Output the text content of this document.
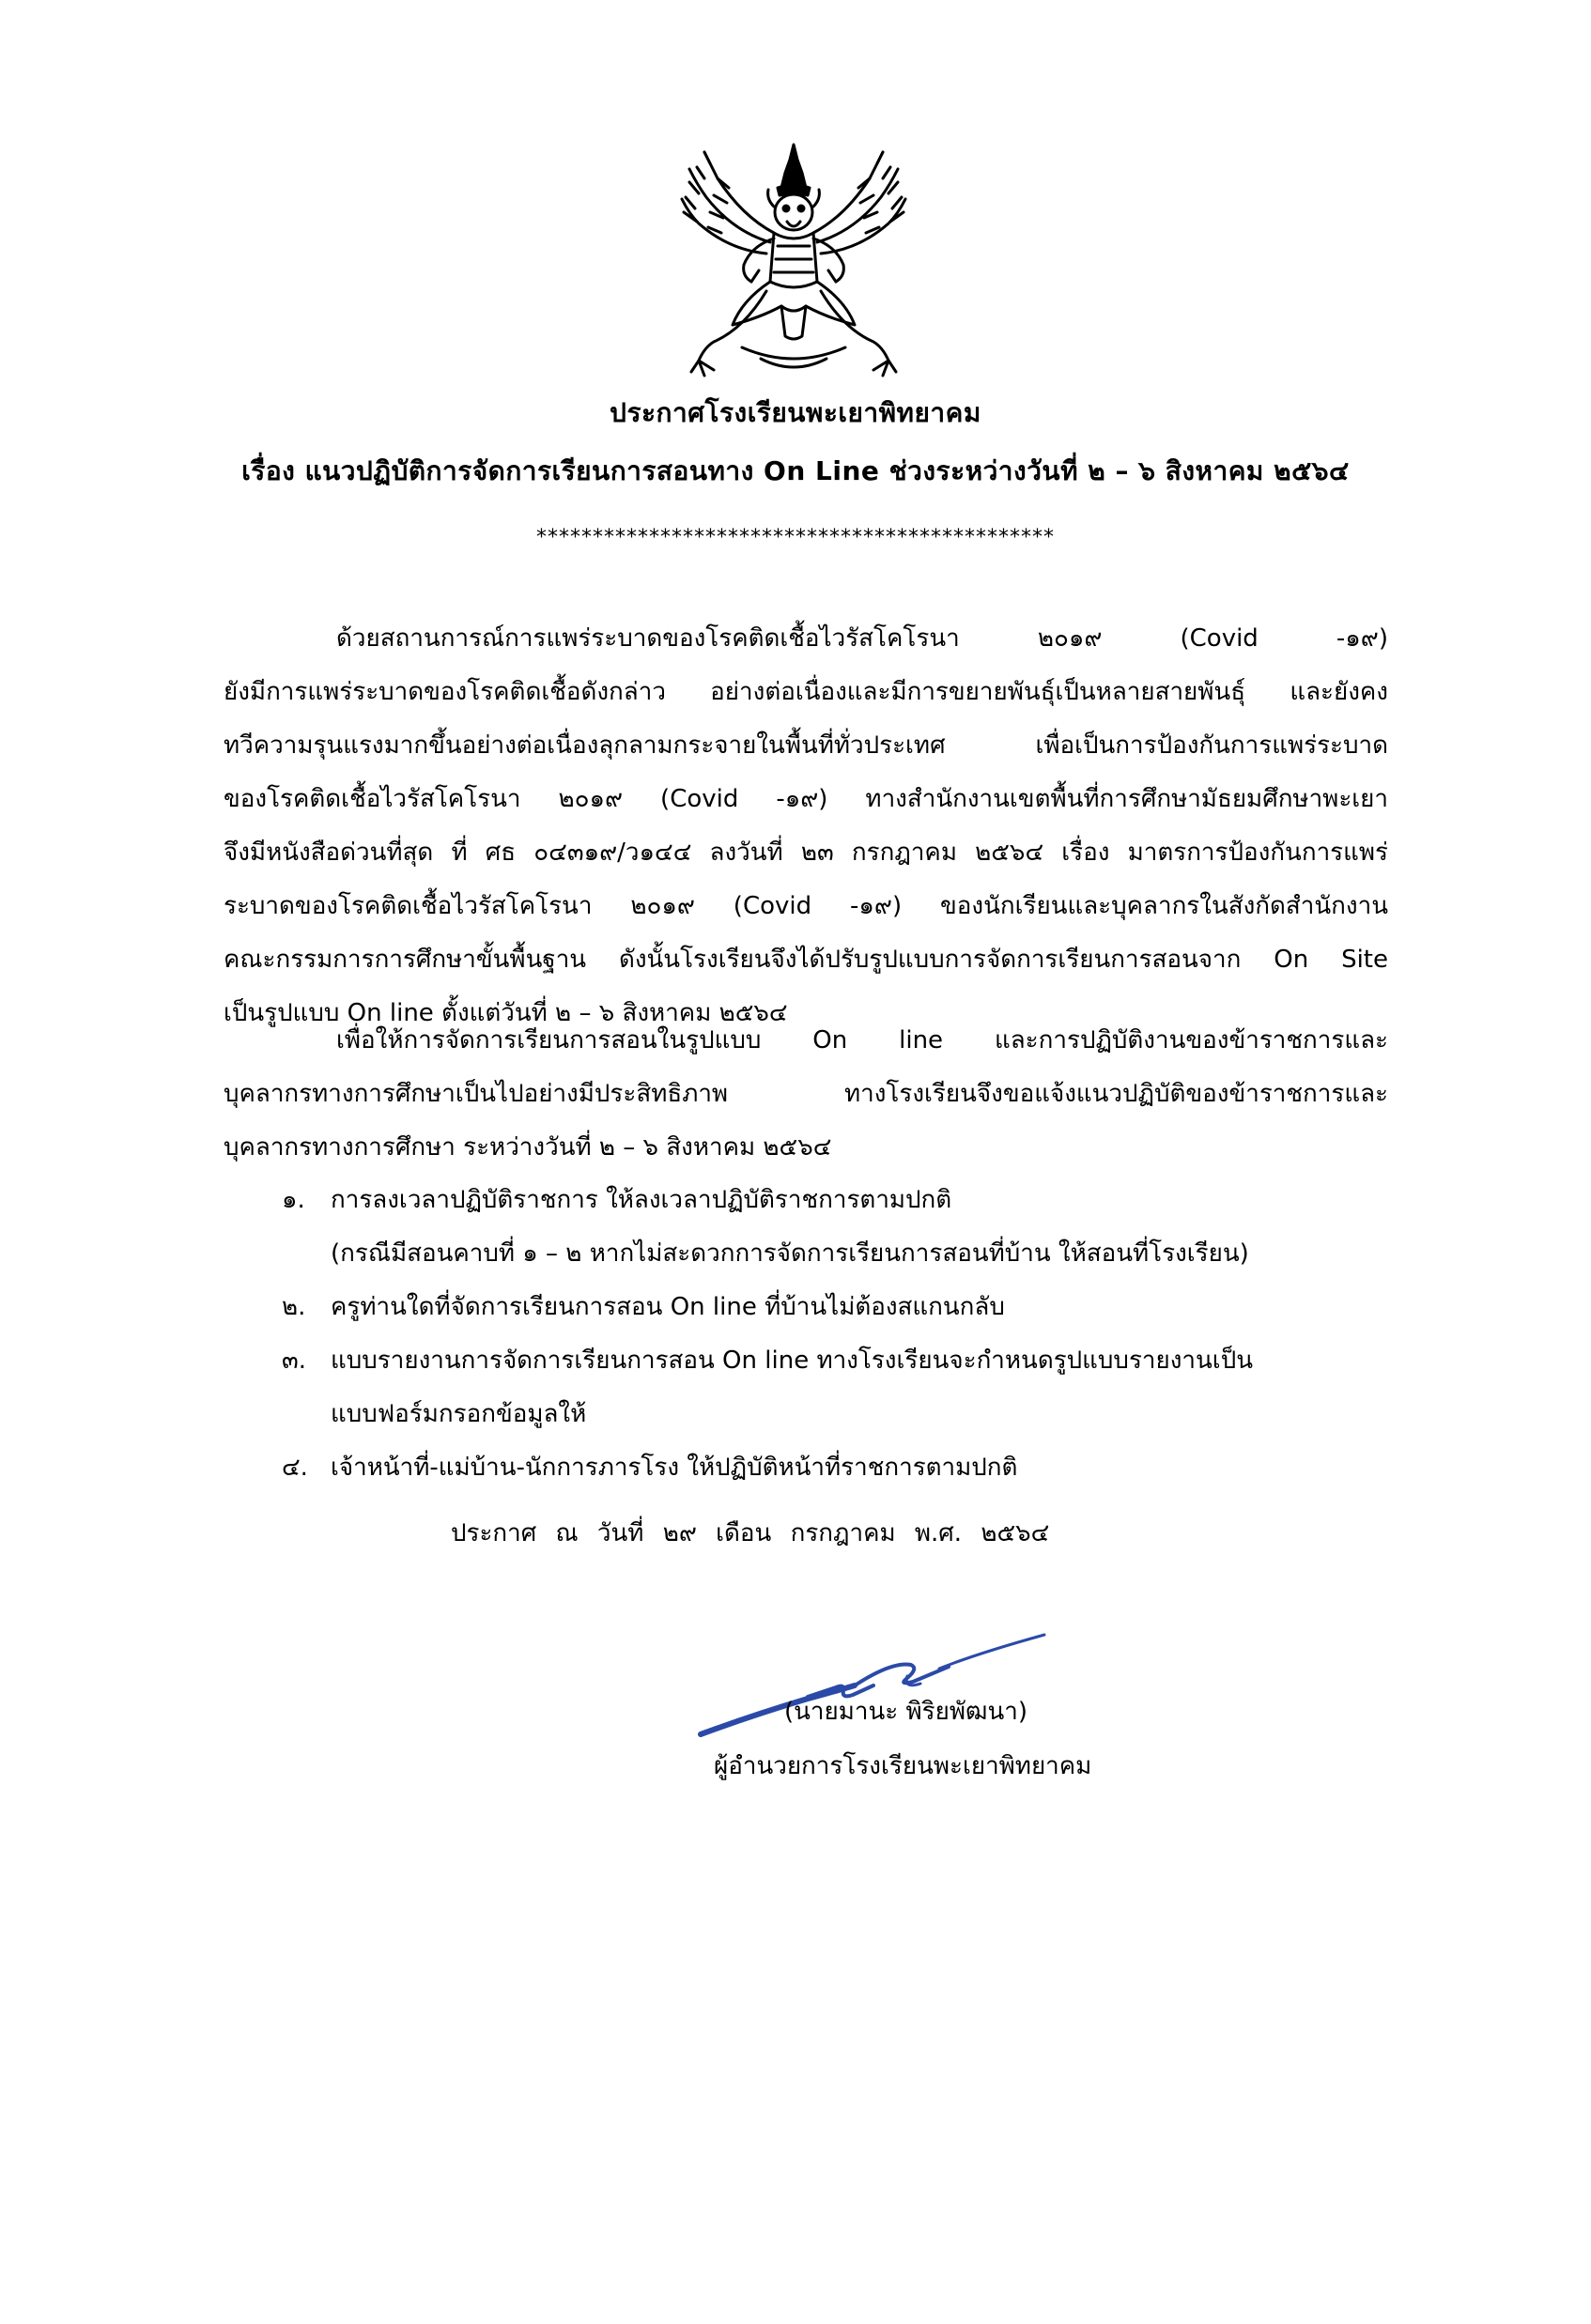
ประกาศโรงเรียนพะเยาพิทยาคม
เรื่อง แนวปฏิบัติการจัดการเรียนการสอนทาง On Line ช่วงระหว่างวันที่ ๒ – ๖ สิงหาคม ๒๕๖๔
**********************************************
ด้วยสถานการณ์การแพร่ระบาดของโรคติดเชื้อไวรัสโคโรนา ๒๐๑๙ (Covid -๑๙)
ยังมีการแพร่ระบาดของโรคติดเชื้อดังกล่าว อย่างต่อเนื่องและมีการขยายพันธุ์เป็นหลายสายพันธุ์ และยังคง
ทวีความรุนแรงมากขึ้นอย่างต่อเนื่องลุกลามกระจายในพื้นที่ทั่วประเทศ เพื่อเป็นการป้องกันการแพร่ระบาด
ของโรคติดเชื้อไวรัสโคโรนา ๒๐๑๙ (Covid -๑๙) ทางสำนักงานเขตพื้นที่การศึกษามัธยมศึกษาพะเยา
จึงมีหนังสือด่วนที่สุด ที่ ศธ ๐๔๓๑๙/ว๑๔๔ ลงวันที่ ๒๓ กรกฎาคม ๒๕๖๔ เรื่อง มาตรการป้องกันการแพร่
ระบาดของโรคติดเชื้อไวรัสโคโรนา ๒๐๑๙ (Covid -๑๙) ของนักเรียนและบุคลากรในสังกัดสำนักงาน
คณะกรรมการการศึกษาขั้นพื้นฐาน ดังนั้นโรงเรียนจึงได้ปรับรูปแบบการจัดการเรียนการสอนจาก On Site
เป็นรูปแบบ On line ตั้งแต่วันที่ ๒ – ๖ สิงหาคม ๒๕๖๔
เพื่อให้การจัดการเรียนการสอนในรูปแบบ On line และการปฏิบัติงานของข้าราชการและ
บุคลากรทางการศึกษาเป็นไปอย่างมีประสิทธิภาพ ทางโรงเรียนจึงขอแจ้งแนวปฏิบัติของข้าราชการและ
บุคลากรทางการศึกษา ระหว่างวันที่ ๒ – ๖ สิงหาคม ๒๕๖๔
๑.	การลงเวลาปฏิบัติราชการ ให้ลงเวลาปฏิบัติราชการตามปกติ
(กรณีมีสอนคาบที่ ๑ – ๒ หากไม่สะดวกการจัดการเรียนการสอนที่บ้าน ให้สอนที่โรงเรียน)
๒.	ครูท่านใดที่จัดการเรียนการสอน On line ที่บ้านไม่ต้องสแกนกลับ
๓. แบบรายงานการจัดการเรียนการสอน On line ทางโรงเรียนจะกำหนดรูปแบบรายงานเป็น
แบบฟอร์มกรอกข้อมูลให้
๔. เจ้าหน้าที่-แม่บ้าน-นักการภารโรง ให้ปฏิบัติหน้าที่ราชการตามปกติ
ประกาศ ณ วันที่ ๒๙ เดือน กรกฎาคม พ.ศ. ๒๕๖๔
(นายมานะ พิริยพัฒนา)
ผู้อำนวยการโรงเรียนพะเยาพิทยาคม
